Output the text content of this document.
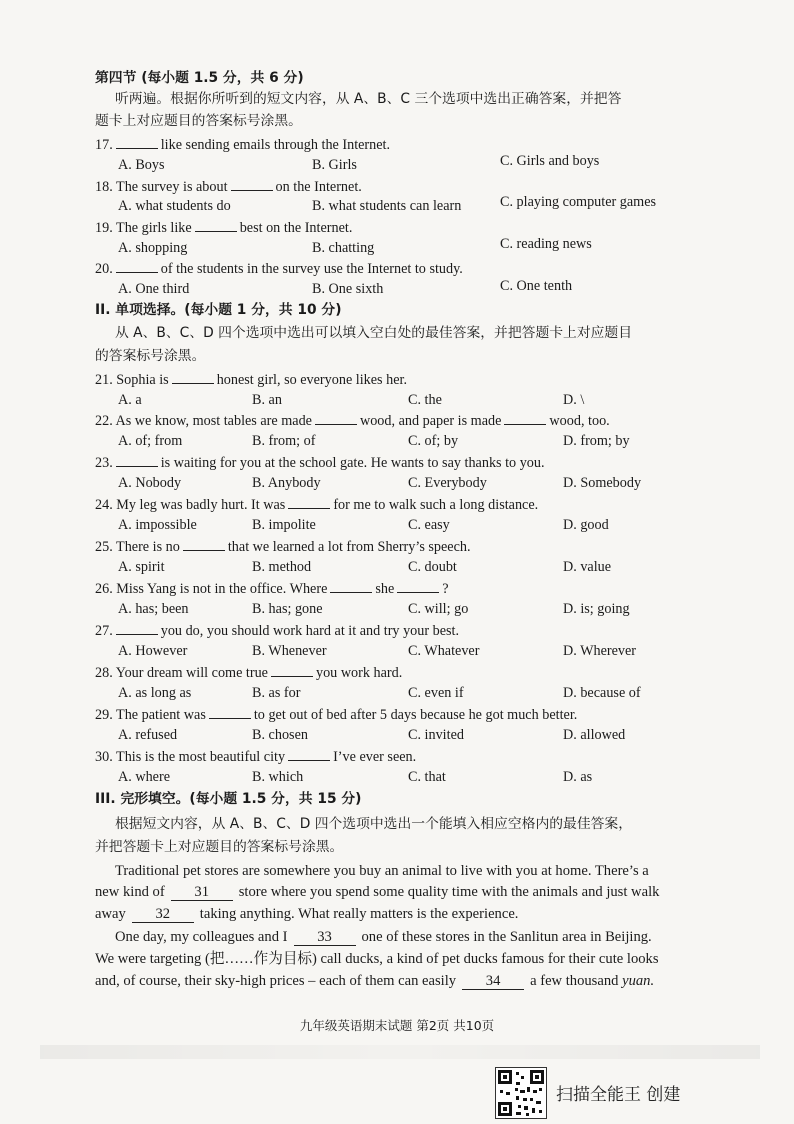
第四节 (每小题 1.5 分，共 6 分)
听两遍。根据你所听到的短文内容，从 A、B、C 三个选项中选出正确答案，并把答
题卡上对应题目的答案标号涂黑。
17.	like sending emails through the Internet.
A. Boys	B. Girls	C. Girls and boys
18. The survey is about	on the Internet.
A. what students do	B. what students can learn	C. playing computer games
19. The girls like	best on the Internet.
A. shopping	B. chatting	C. reading news
20.	of the students in the survey use the Internet to study.
A. One third	B. One sixth	C. One tenth
II. 单项选择。(每小题 1 分，共 10 分)
从 A、B、C、D 四个选项中选出可以填入空白处的最佳答案，并把答题卡上对应题目
的答案标号涂黑。
21. Sophia is	honest girl, so everyone likes her.
A. a	B. an	C. the	D. \
22. As we know, most tables are made	wood, and paper is made	wood, too.
A. of; from	B. from; of	C. of; by	D. from; by
23.	is waiting for you at the school gate. He wants to say thanks to you.
A. Nobody	B. Anybody	C. Everybody	D. Somebody
24. My leg was badly hurt. It was	for me to walk such a long distance.
A. impossible	B. impolite	C. easy	D. good
25. There is no	that we learned a lot from Sherry’s speech.
A. spirit	B. method	C. doubt	D. value
26. Miss Yang is not in the office. Where	she	?
A. has; been	B. has; gone	C. will; go	D. is; going
27.	you do, you should work hard at it and try your best.
A. However	B. Whenever	C. Whatever	D. Wherever
28. Your dream will come true	you work hard.
A. as long as	B. as for	C. even if	D. because of
29. The patient was	to get out of bed after 5 days because he got much better.
A. refused	B. chosen	C. invited	D. allowed
30. This is the most beautiful city	I’ve ever seen.
A. where	B. which	C. that	D. as
III. 完形填空。(每小题 1.5 分，共 15 分)
根据短文内容，从 A、B、C、D 四个选项中选出一个能填入相应空格内的最佳答案，
并把答题卡上对应题目的答案标号涂黑。
Traditional pet stores are somewhere you buy an animal to live with you at home. There’s a
new kind of 31 store where you spend some quality time with the animals and just walk
away 32 taking anything. What really matters is the experience.
One day, my colleagues and I 33 one of these stores in the Sanlitun area in Beijing.
We were targeting (把……作为目标) call ducks, a kind of pet ducks famous for their cute looks
and, of course, their sky-high prices – each of them can easily 34 a few thousand yuan.
九年级英语期末试题 第2页 共10页
扫描全能王 创建
